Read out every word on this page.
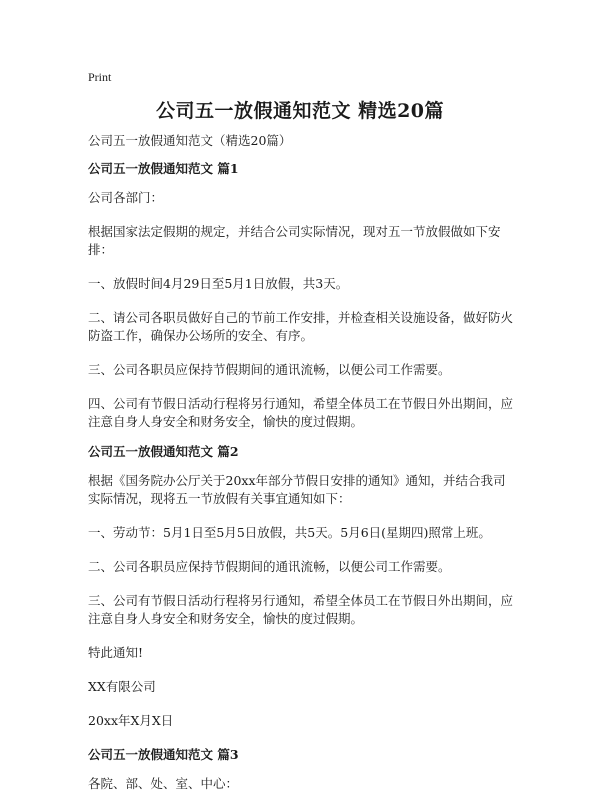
Print
公司五一放假通知范文 精选20篇

公司五一放假通知范文（精选20篇）

公司五一放假通知范文 篇1

公司各部门：

根据国家法定假期的规定，并结合公司实际情况，现对五一节放假做如下安排：

一、放假时间4月29日至5月1日放假，共3天。

二、请公司各职员做好自己的节前工作安排，并检查相关设施设备，做好防火防盗工作，确保办公场所的安全、有序。

三、公司各职员应保持节假期间的通讯流畅，以便公司工作需要。

四、公司有节假日活动行程将另行通知，希望全体员工在节假日外出期间，应注意自身人身安全和财务安全，愉快的度过假期。

公司五一放假通知范文 篇2

根据《国务院办公厅关于20xx年部分节假日安排的通知》通知，并结合我司实际情况，现将五一节放假有关事宜通知如下：

一、劳动节：5月1日至5月5日放假，共5天。5月6日(星期四)照常上班。

二、公司各职员应保持节假期间的通讯流畅，以便公司工作需要。

三、公司有节假日活动行程将另行通知，希望全体员工在节假日外出期间，应注意自身人身安全和财务安全，愉快的度过假期。

特此通知!

XX有限公司

20xx年X月X日

公司五一放假通知范文 篇3

各院、部、处、室、中心：
